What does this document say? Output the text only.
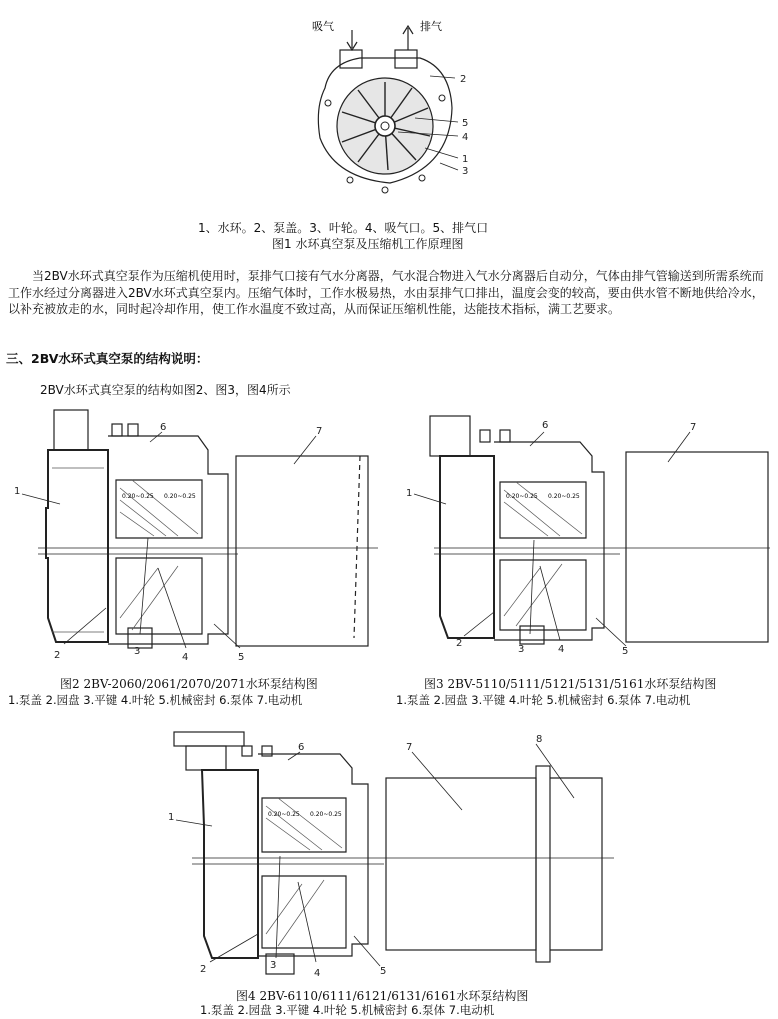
吸气	排气
2
5
4
1
3
1、水环。2、泵盖。3、叶轮。4、吸气口。5、排气口
图1 水环真空泵及压缩机工作原理图
当2BV水环式真空泵作为压缩机使用时，泵排气口接有气水分离器，气水混合物进入气水分离器后自动分，气体由排气管输送到所需系统而工作水经过分离器进入2BV水环式真空泵内。压缩气体时，工作水极易热，水由泵排气口排出，温度会变的较高，要由供水管不断地供给冷水，以补充被放走的水，同时起冷却作用，使工作水温度不致过高，从而保证压缩机性能，达能技术指标，满工艺要求。
三、2BV水环式真空泵的结构说明：
2BV水环式真空泵的结构如图2、图3，图4所示
0.20~0.25 0.20~0.25
1
6	7
2	3
4	5
0.20~0.25 0.20~0.25
1
6	7
2
3	4	5
图2 2BV-2060/2061/2070/2071水环泵结构图	图3 2BV-5110/5111/5121/5131/5161水环泵结构图
1.泵盖 2.园盘 3.平键 4.叶轮 5.机械密封 6.泵体 7.电动机	1.泵盖 2.园盘 3.平键 4.叶轮 5.机械密封 6.泵体 7.电动机
0.20~0.25 0.20~0.25
1
6	7
8
2	3
4	5
图4 2BV-6110/6111/6121/6131/6161水环泵结构图
1.泵盖 2.园盘 3.平键 4.叶轮 5.机械密封 6.泵体 7.电动机
